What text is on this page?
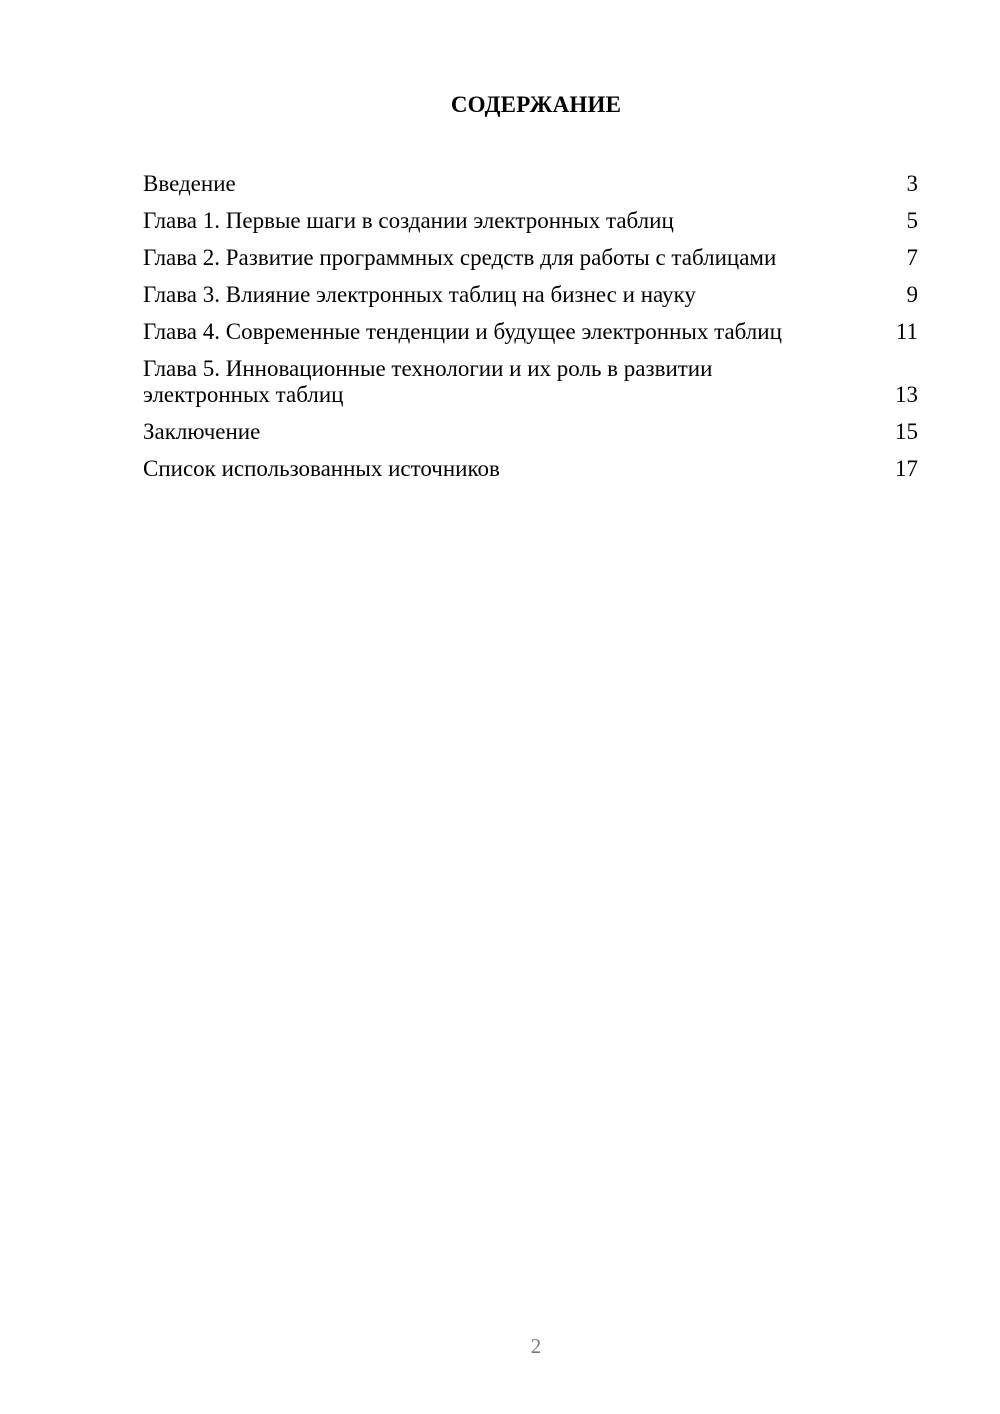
СОДЕРЖАНИЕ
Введение	3
Глава 1. Первые шаги в создании электронных таблиц	5
Глава 2. Развитие программных средств для работы с таблицами	7
Глава 3. Влияние электронных таблиц на бизнес и науку	9
Глава 4. Современные тенденции и будущее электронных таблиц	11
Глава 5. Инновационные технологии и их роль в развитии электронных таблиц	13
Заключение	15
Список использованных источников	17
2
